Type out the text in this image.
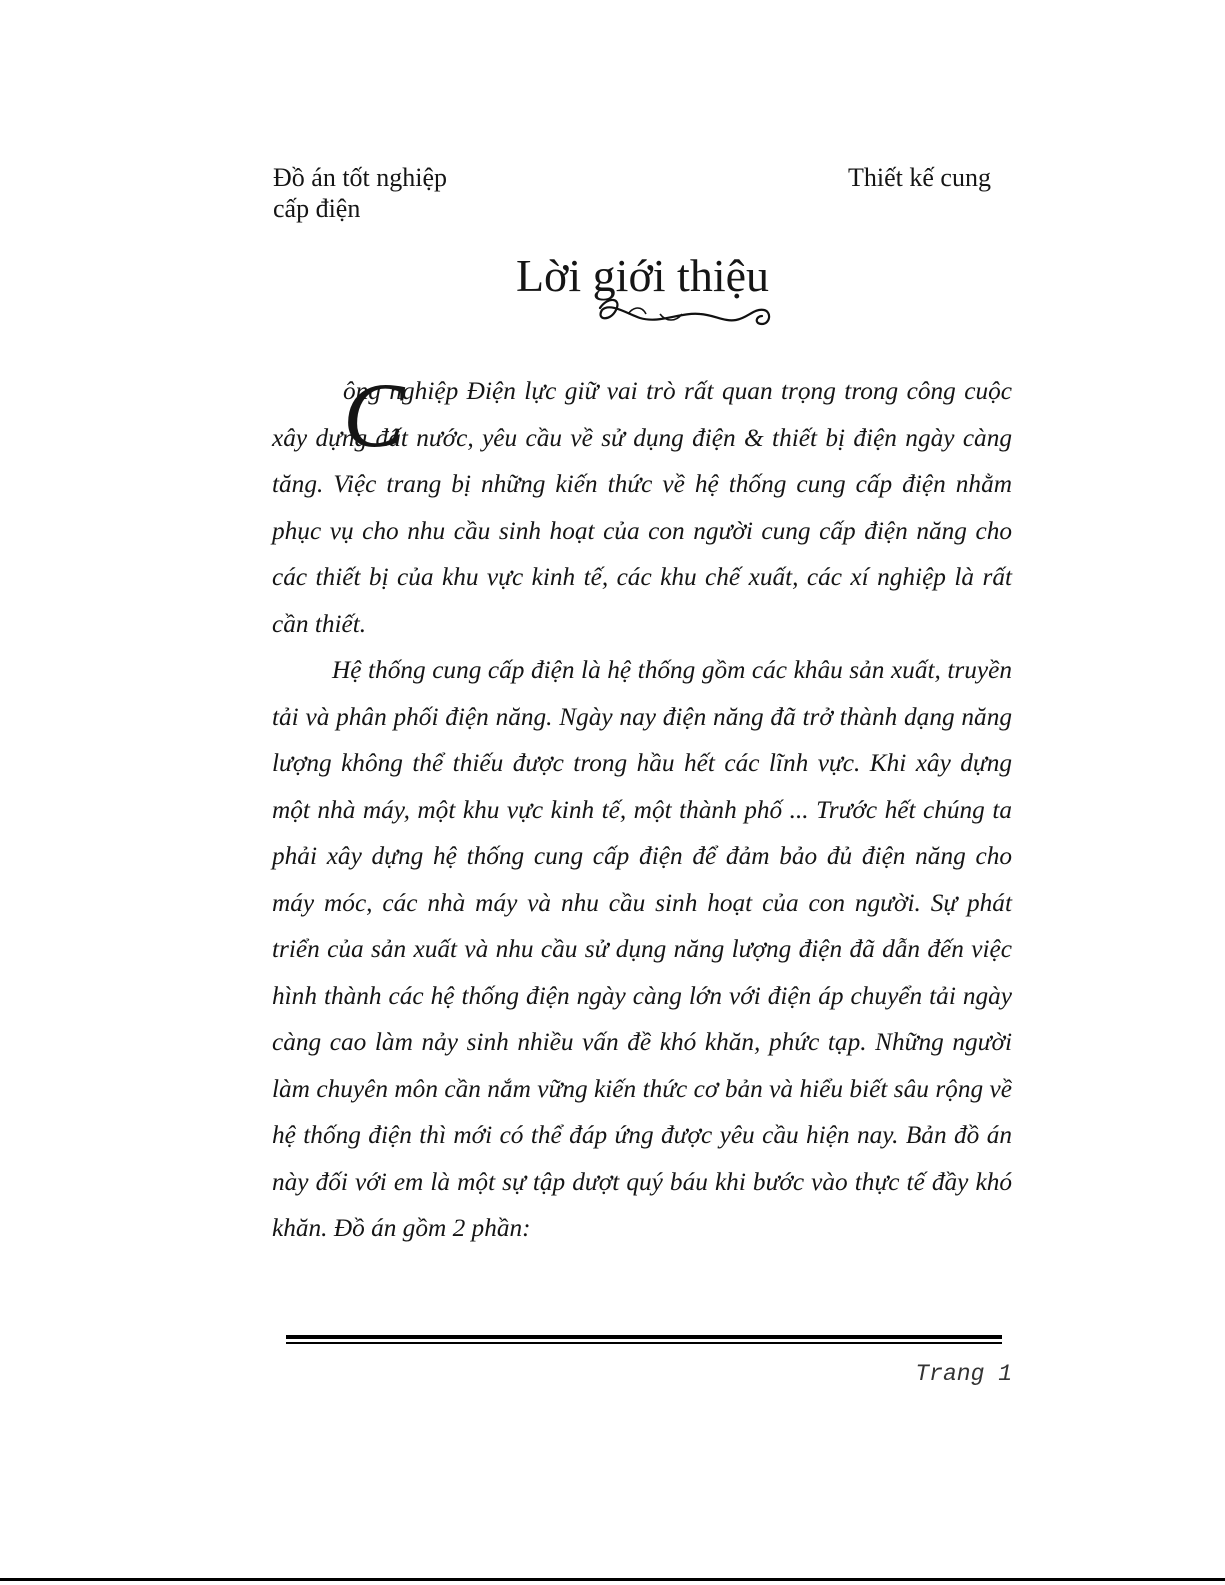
Đồ án tốt nghiệp cấp điện
Thiết kế cung
Lời giới thiệu

C
ông nghiệp Điện lực giữ vai trò rất quan trọng trong công cuộc xây dựng đất nước, yêu cầu về sử dụng điện & thiết bị điện ngày càng tăng. Việc trang bị những kiến thức về hệ thống cung cấp điện nhằm phục vụ cho nhu cầu sinh hoạt của con người cung cấp điện năng cho các thiết bị của khu vực kinh tế, các khu chế xuất, các xí nghiệp là rất cần thiết.

Hệ thống cung cấp điện là hệ thống gồm các khâu sản xuất, truyền tải và phân phối điện năng. Ngày nay điện năng đã trở thành dạng năng lượng không thể thiếu được trong hầu hết các lĩnh vực. Khi xây dựng một nhà máy, một khu vực kinh tế, một thành phố ... Trước hết chúng ta phải xây dựng hệ thống cung cấp điện để đảm bảo đủ điện năng cho máy móc, các nhà máy và nhu cầu sinh hoạt của con người. Sự phát triển của sản xuất và nhu cầu sử dụng năng lượng điện đã dẫn đến việc hình thành các hệ thống điện ngày càng lớn với điện áp chuyển tải ngày càng cao làm nảy sinh nhiều vấn đề khó khăn, phức tạp. Những người làm chuyên môn cần nắm vững kiến thức cơ bản và hiểu biết sâu rộng về hệ thống điện thì mới có thể đáp ứng được yêu cầu hiện nay. Bản đồ án này đối với em là một sự tập dượt quý báu khi bước vào thực tế đầy khó khăn. Đồ án gồm 2 phần:

Trang 1
